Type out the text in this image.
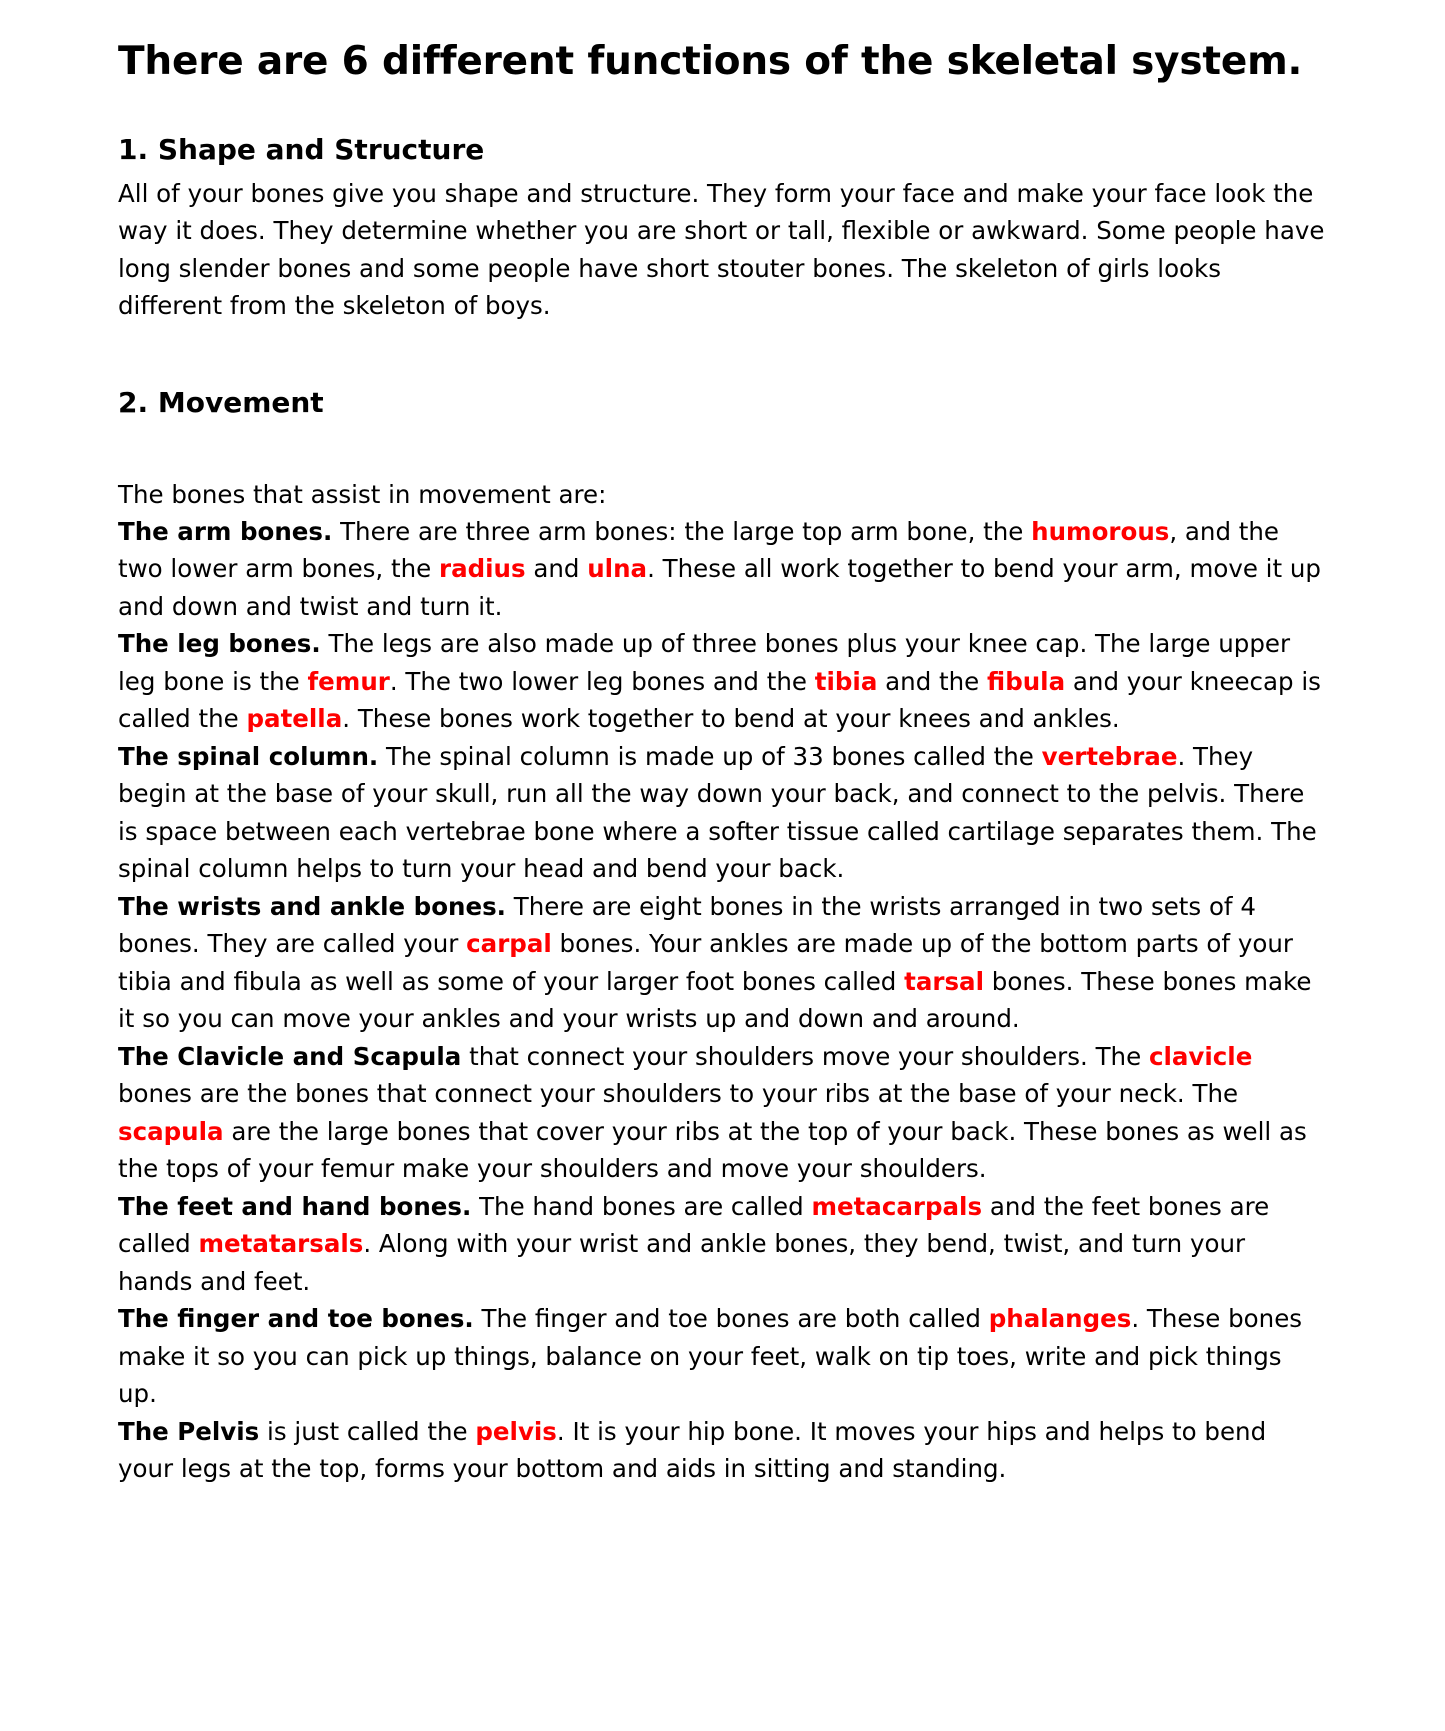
There are 6 different functions of the skeletal system.
1. Shape and Structure

All of your bones give you shape and structure. They form your face and make your face look the way it does. They determine whether you are short or tall, flexible or awkward. Some people have long slender bones and some people have short stouter bones. The skeleton of girls looks different from the skeleton of boys.

2. Movement

The bones that assist in movement are:

The arm bones. There are three arm bones: the large top arm bone, the humorous, and the two lower arm bones, the radius and ulna. These all work together to bend your arm, move it up and down and twist and turn it.

The leg bones. The legs are also made up of three bones plus your knee cap. The large upper leg bone is the femur. The two lower leg bones and the tibia and the fibula and your kneecap is called the patella. These bones work together to bend at your knees and ankles.

The spinal column. The spinal column is made up of 33 bones called the vertebrae. They begin at the base of your skull, run all the way down your back, and connect to the pelvis. There is space between each vertebrae bone where a softer tissue called cartilage separates them. The spinal column helps to turn your head and bend your back.

The wrists and ankle bones. There are eight bones in the wrists arranged in two sets of 4 bones. They are called your carpal bones. Your ankles are made up of the bottom parts of your tibia and fibula as well as some of your larger foot bones called tarsal bones. These bones make it so you can move your ankles and your wrists up and down and around.

The Clavicle and Scapula that connect your shoulders move your shoulders. The clavicle bones are the bones that connect your shoulders to your ribs at the base of your neck. The scapula are the large bones that cover your ribs at the top of your back. These bones as well as the tops of your femur make your shoulders and move your shoulders.

The feet and hand bones. The hand bones are called metacarpals and the feet bones are called metatarsals. Along with your wrist and ankle bones, they bend, twist, and turn your hands and feet.

The finger and toe bones. The finger and toe bones are both called phalanges. These bones make it so you can pick up things, balance on your feet, walk on tip toes, write and pick things up.

The Pelvis is just called the pelvis. It is your hip bone. It moves your hips and helps to bend your legs at the top, forms your bottom and aids in sitting and standing.
